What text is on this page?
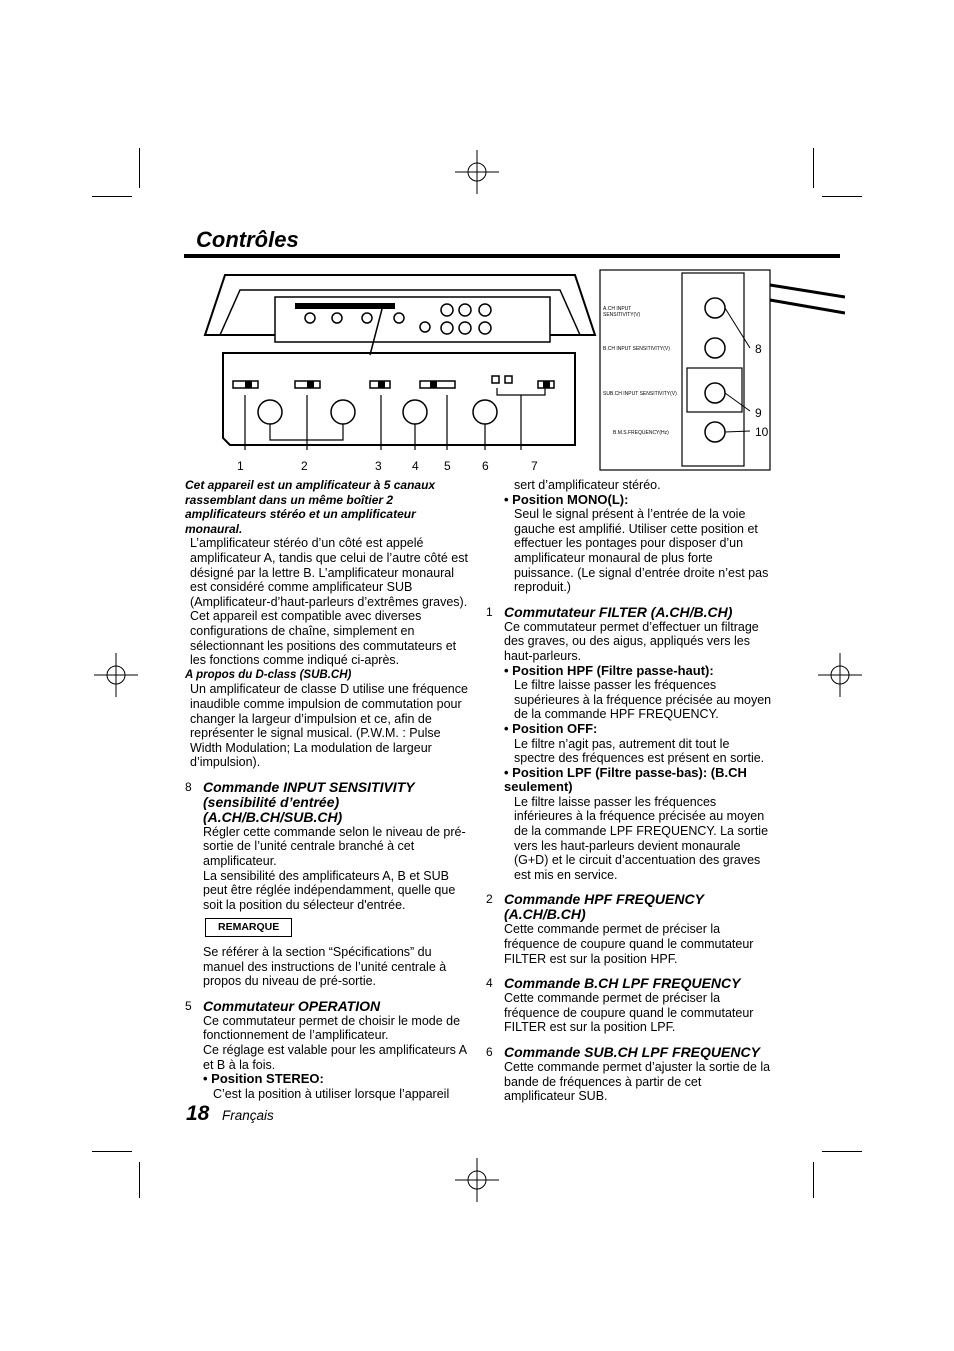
Contrôles
1	2	3	4 5	6	7
8
9
10
A.CH INPUT SENSITIVITY(V)
B.CH INPUT SENSITIVITY(V)
SUB.CH INPUT SENSITIVITY(V)
B.M.S.FREQUENCY(Hz)

Cet appareil est un amplificateur à 5 canaux rassemblant dans un même boîtier 2 amplificateurs stéréo et un amplificateur monaural.

L’amplificateur stéréo d’un côté est appelé amplificateur A, tandis que celui de l’autre côté est désigné par la lettre B. L’amplificateur monaural est considéré comme amplificateur SUB (Amplificateur-d’haut-parleurs d’extrêmes graves).

Cet appareil est compatible avec diverses configurations de chaîne, simplement en sélectionnant les positions des commutateurs et les fonctions comme indiqué ci-après.

A propos du D-class (SUB.CH)

Un amplificateur de classe D utilise une fréquence inaudible comme impulsion de commutation pour changer la largeur d’impulsion et ce, afin de représenter le signal musical. (P.W.M. : Pulse Width Modulation; La modulation de largeur d’impulsion).

8 Commande INPUT SENSITIVITY (sensibilité d’entrée) (A.CH/B.CH/SUB.CH)

Régler cette commande selon le niveau de pré-sortie de l’unité centrale branché à cet amplificateur.

La sensibilité des amplificateurs A, B et SUB peut être réglée indépendamment, quelle que soit la position du sélecteur d'entrée.

REMARQUE

Se référer à la section “Spécifications” du manuel des instructions de l’unité centrale à propos du niveau de pré-sortie.

5 Commutateur OPERATION

Ce commutateur permet de choisir le mode de fonctionnement de l’amplificateur.

Ce réglage est valable pour les amplificateurs A et B à la fois.

• Position STEREO:

C’est la position à utiliser lorsque l’appareil

sert d’amplificateur stéréo.

• Position MONO(L):

Seul le signal présent à l’entrée de la voie gauche est amplifié. Utiliser cette position et effectuer les pontages pour disposer d’un amplificateur monaural de plus forte puissance. (Le signal d’entrée droite n’est pas reproduit.)

1 Commutateur FILTER (A.CH/B.CH)

Ce commutateur permet d’effectuer un filtrage des graves, ou des aigus, appliqués vers les haut-parleurs.

• Position HPF (Filtre passe-haut):

Le filtre laisse passer les fréquences supérieures à la fréquence précisée au moyen de la commande HPF FREQUENCY.

• Position OFF:

Le filtre n’agit pas, autrement dit tout le spectre des fréquences est présent en sortie.

• Position LPF (Filtre passe-bas): (B.CH seulement)

Le filtre laisse passer les fréquences inférieures à la fréquence précisée au moyen de la commande LPF FREQUENCY. La sortie vers les haut-parleurs devient monaurale (G+D) et le circuit d’accentuation des graves est mis en service.

2 Commande HPF FREQUENCY (A.CH/B.CH)

Cette commande permet de préciser la fréquence de coupure quand le commutateur FILTER est sur la position HPF.

4 Commande B.CH LPF FREQUENCY

Cette commande permet de préciser la fréquence de coupure quand le commutateur FILTER est sur la position LPF.

6 Commande SUB.CH LPF FREQUENCY

Cette commande permet d’ajuster la sortie de la bande de fréquences à partir de cet amplificateur SUB.

18 Français
